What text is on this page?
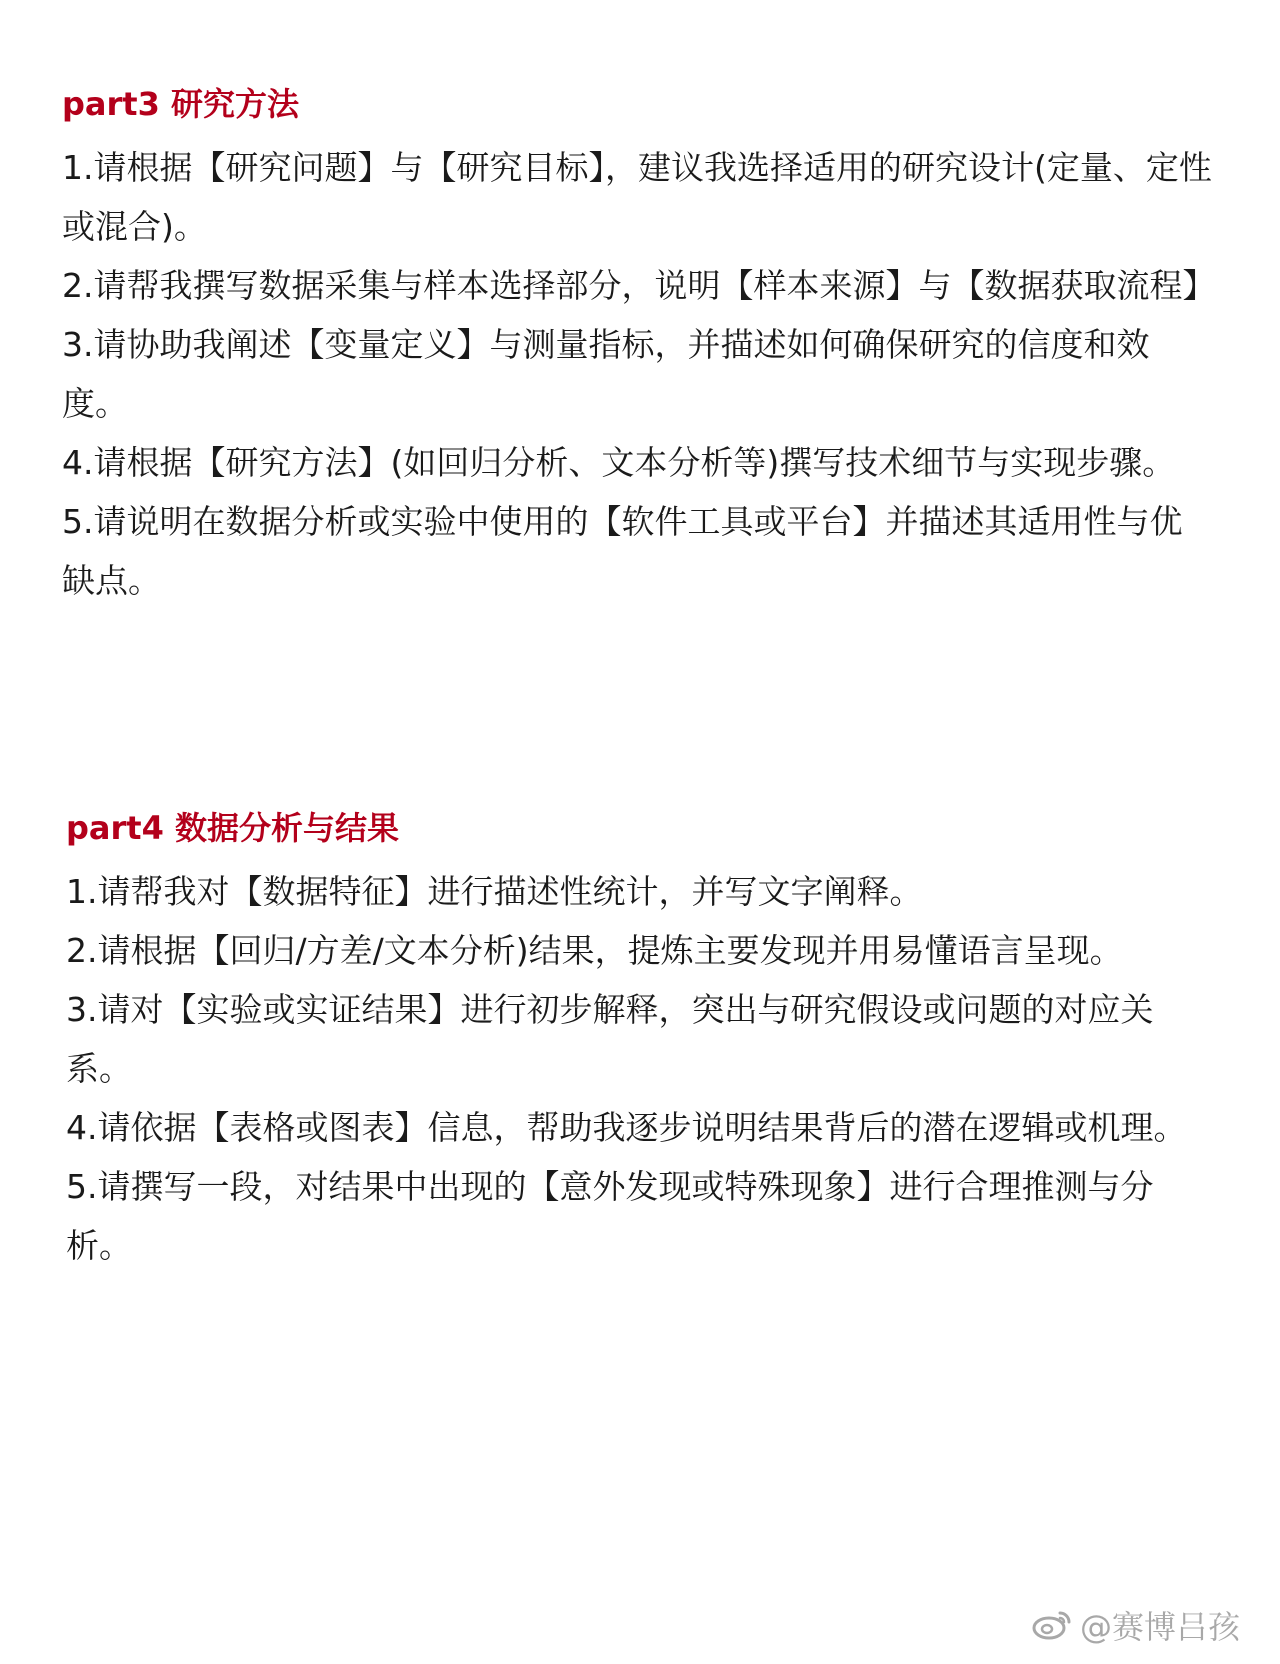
part3 研究方法

1.请根据【研究问题】与【研究目标】，建议我选择适用的研究设计(定量、定性或混合)。

2.请帮我撰写数据采集与样本选择部分，说明【样本来源】与【数据获取流程】

3.请协助我阐述【变量定义】与测量指标，并描述如何确保研究的信度和效度。

4.请根据【研究方法】(如回归分析、文本分析等)撰写技术细节与实现步骤。

5.请说明在数据分析或实验中使用的【软件工具或平台】并描述其适用性与优缺点。

part4 数据分析与结果

1.请帮我对【数据特征】进行描述性统计，并写文字阐释。

2.请根据【回归/方差/文本分析)结果，提炼主要发现并用易懂语言呈现。

3.请对【实验或实证结果】进行初步解释，突出与研究假设或问题的对应关系。

4.请依据【表格或图表】信息，帮助我逐步说明结果背后的潜在逻辑或机理。

5.请撰写一段，对结果中出现的【意外发现或特殊现象】进行合理推测与分析。

@赛博吕孩
